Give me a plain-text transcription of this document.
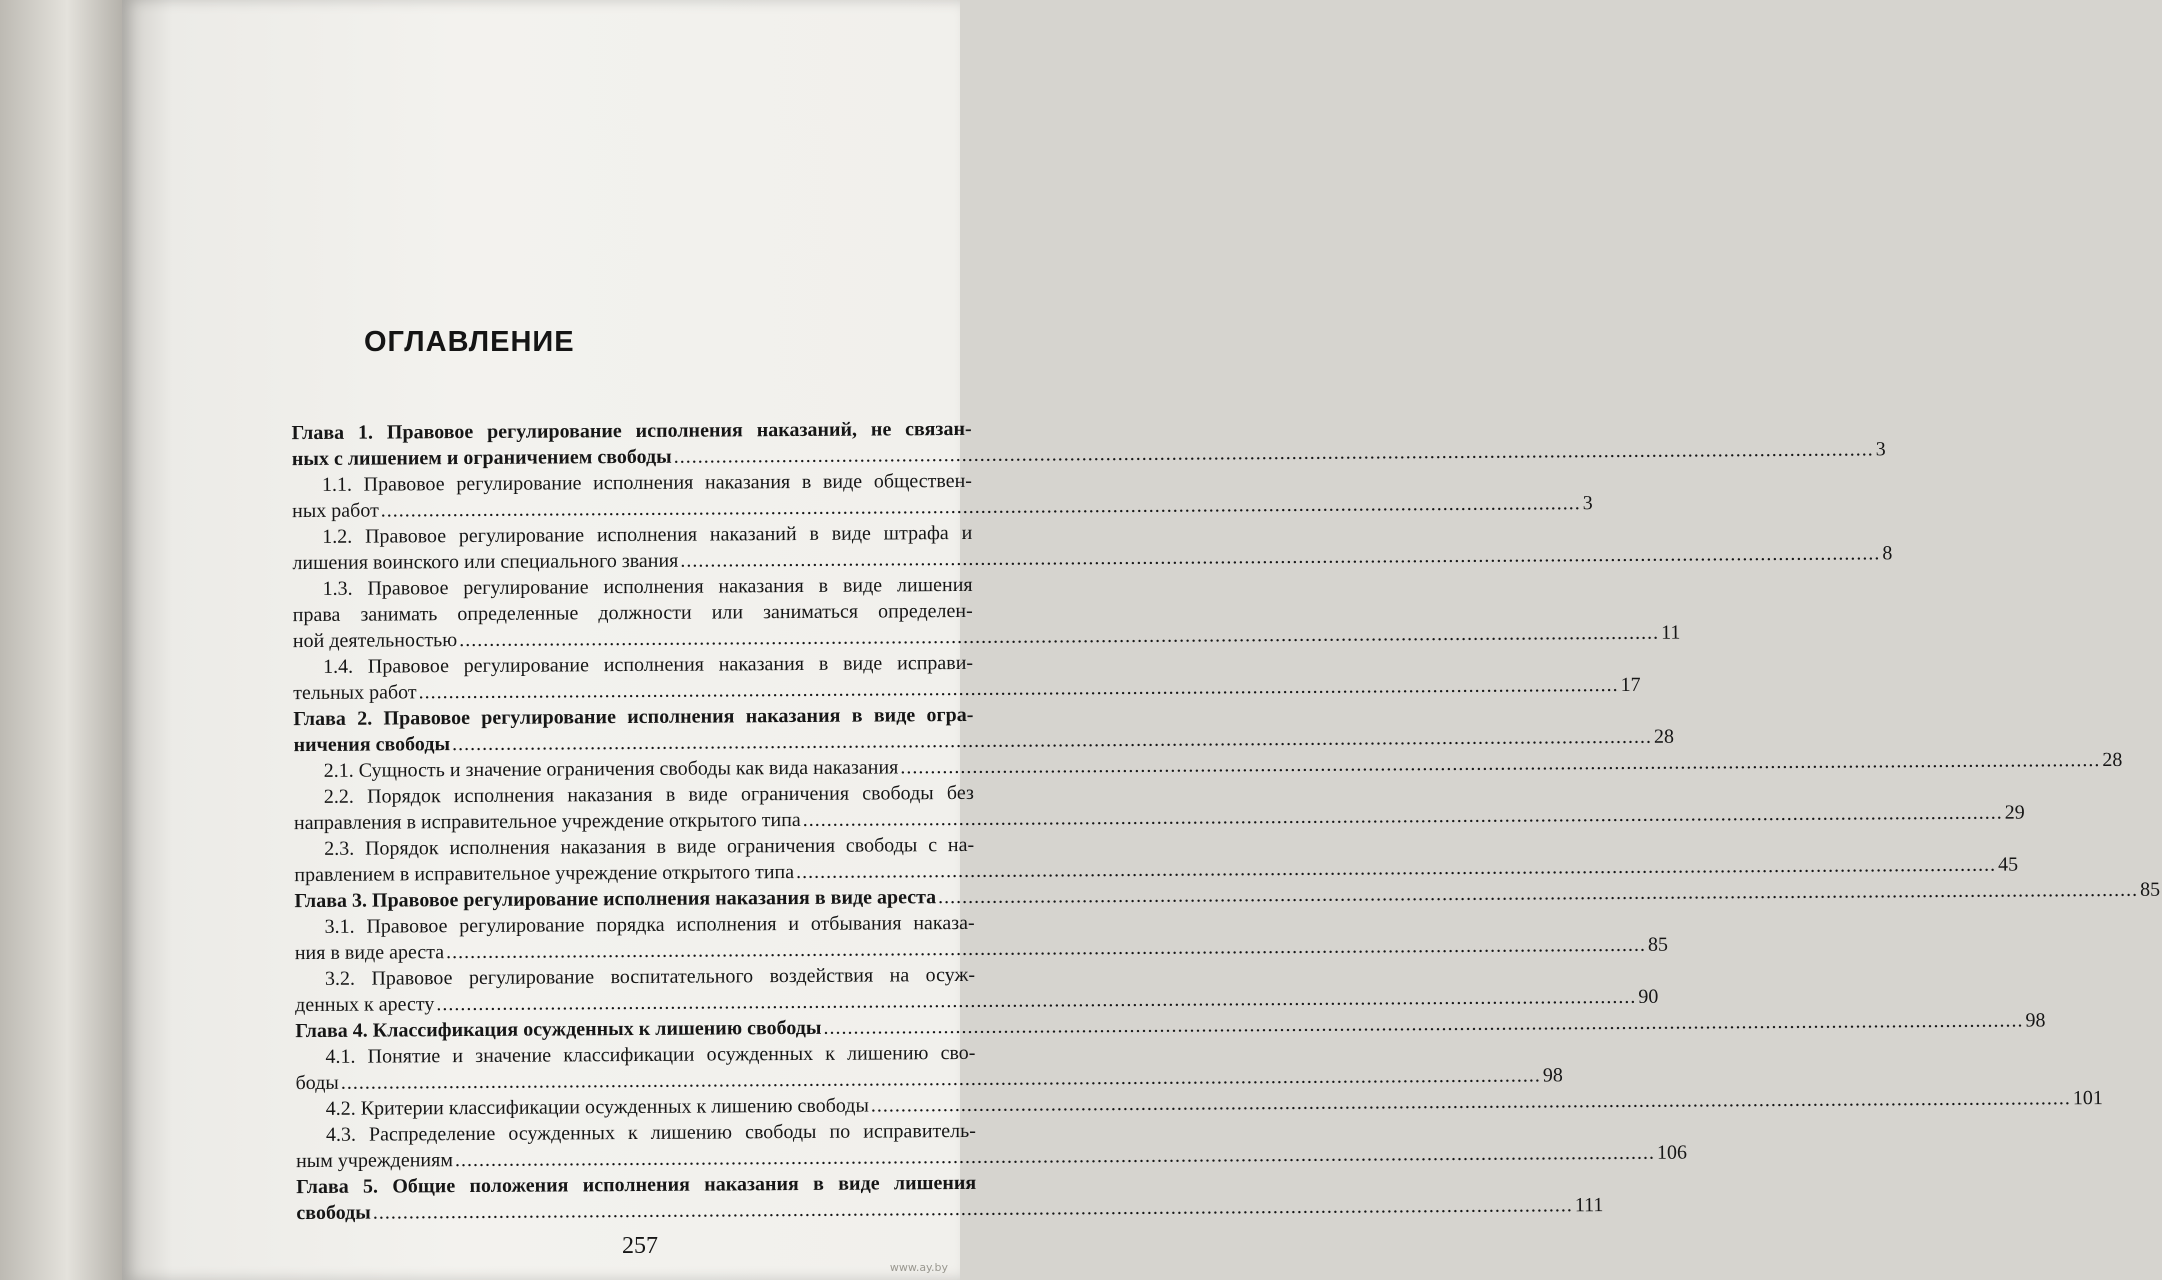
ОГЛАВЛЕНИЕ
Глава 1. Правовое регулирование исполнения наказаний, не связан-
ных с лишением и ограничением свободы ........................................................................................................................................................................................................ 3
1.1. Правовое регулирование исполнения наказания в виде обществен-
ных работ ........................................................................................................................................................................................................ 3
1.2. Правовое регулирование исполнения наказаний в виде штрафа и
лишения воинского или специального звания ........................................................................................................................................................................................................ 8
1.3. Правовое регулирование исполнения наказания в виде лишения
права занимать определенные должности или заниматься определен-
ной деятельностью ........................................................................................................................................................................................................ 11
1.4. Правовое регулирование исполнения наказания в виде исправи-
тельных работ ........................................................................................................................................................................................................ 17
Глава 2. Правовое регулирование исполнения наказания в виде огра-
ничения свободы ........................................................................................................................................................................................................ 28
2.1. Сущность и значение ограничения свободы как вида наказания ........................................................................................................................................................................................................ 28
2.2. Порядок исполнения наказания в виде ограничения свободы без
направления в исправительное учреждение открытого типа ........................................................................................................................................................................................................ 29
2.3. Порядок исполнения наказания в виде ограничения свободы с на-
правлением в исправительное учреждение открытого типа ........................................................................................................................................................................................................ 45
Глава 3. Правовое регулирование исполнения наказания в виде ареста ........................................................................................................................................................................................................ 85
3.1. Правовое регулирование порядка исполнения и отбывания наказа-
ния в виде ареста ........................................................................................................................................................................................................ 85
3.2. Правовое регулирование воспитательного воздействия на осуж-
денных к аресту ........................................................................................................................................................................................................ 90
Глава 4. Классификация осужденных к лишению свободы ........................................................................................................................................................................................................ 98
4.1. Понятие и значение классификации осужденных к лишению сво-
боды ........................................................................................................................................................................................................ 98
4.2. Критерии классификации осужденных к лишению свободы ........................................................................................................................................................................................................ 101
4.3. Распределение осужденных к лишению свободы по исправитель-
ным учреждениям ........................................................................................................................................................................................................ 106
Глава 5. Общие положения исполнения наказания в виде лишения
свободы ........................................................................................................................................................................................................ 111
257
www.ay.by
